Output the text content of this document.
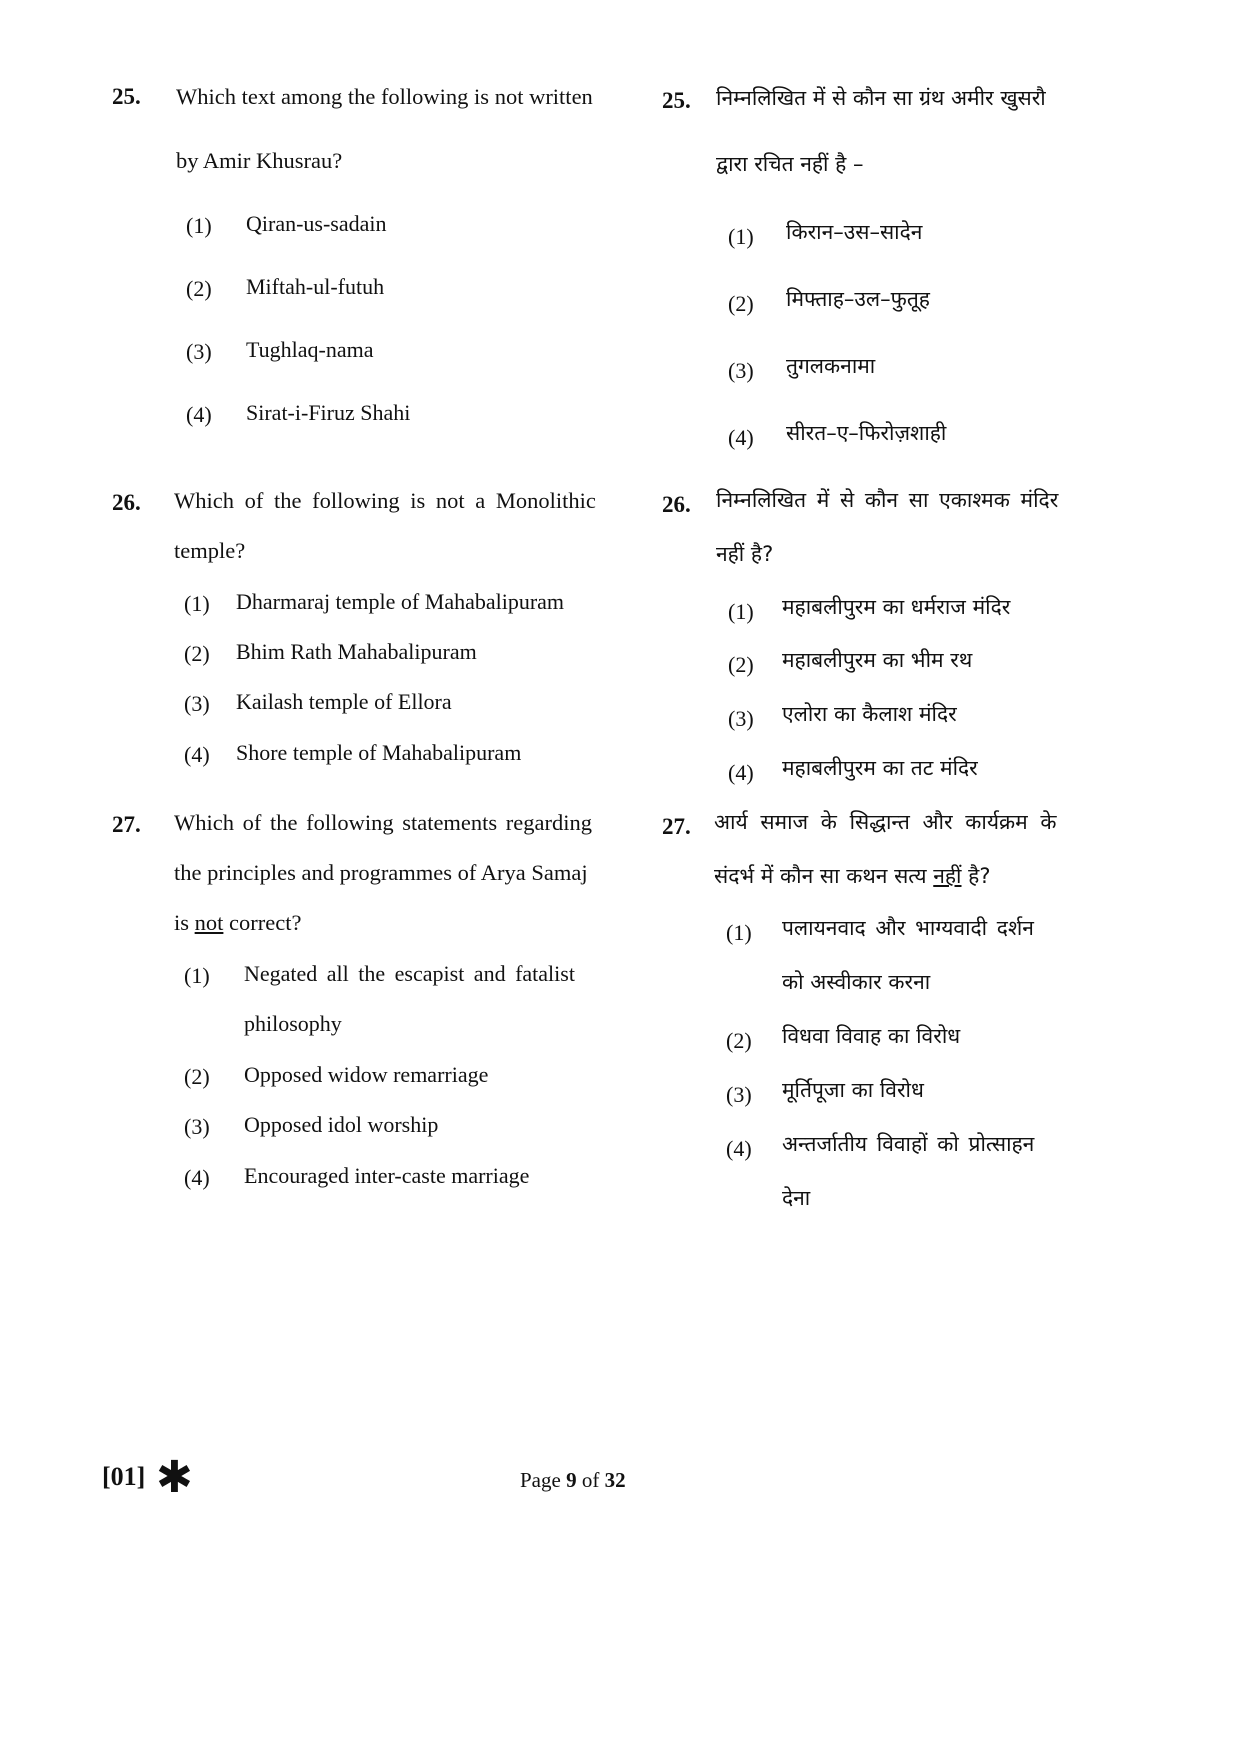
25. Which text among the following is not written
by Amir Khusrau?
(1) Qiran-us-sadain
(2) Miftah-ul-futuh
(3) Tughlaq-nama
(4) Sirat-i-Firuz Shahi
25. निम्नलिखित में से कौन सा ग्रंथ अमीर खुसरौ
द्वारा रचित नहीं है –
(1) किरान–उस–सादेन
(2) मिफ्ताह–उल–फुतूह
(3) तुगलकनामा
(4) सीरत–ए–फिरोज़शाही
26. Which of the following is not a Monolithic
temple?
(1) Dharmaraj temple of Mahabalipuram
(2) Bhim Rath Mahabalipuram
(3) Kailash temple of Ellora
(4) Shore temple of Mahabalipuram
26. निम्नलिखित में से कौन सा एकाश्मक मंदिर
नहीं है?
(1) महाबलीपुरम का धर्मराज मंदिर
(2) महाबलीपुरम का भीम रथ
(3) एलोरा का कैलाश मंदिर
(4) महाबलीपुरम का तट मंदिर
27. Which of the following statements regarding
the principles and programmes of Arya Samaj
is not correct?
(1) Negated all the escapist and fatalist
philosophy
(2) Opposed widow remarriage
(3) Opposed idol worship
(4) Encouraged inter-caste marriage
27. आर्य समाज के सिद्धान्त और कार्यक्रम के
संदर्भ में कौन सा कथन सत्य नहीं है?
(1) पलायनवाद और भाग्यवादी दर्शन
को अस्वीकार करना
(2) विधवा विवाह का विरोध
(3) मूर्तिपूजा का विरोध
(4) अन्तर्जातीय विवाहों को प्रोत्साहन
देना
[01] ✱	Page 9 of 32
